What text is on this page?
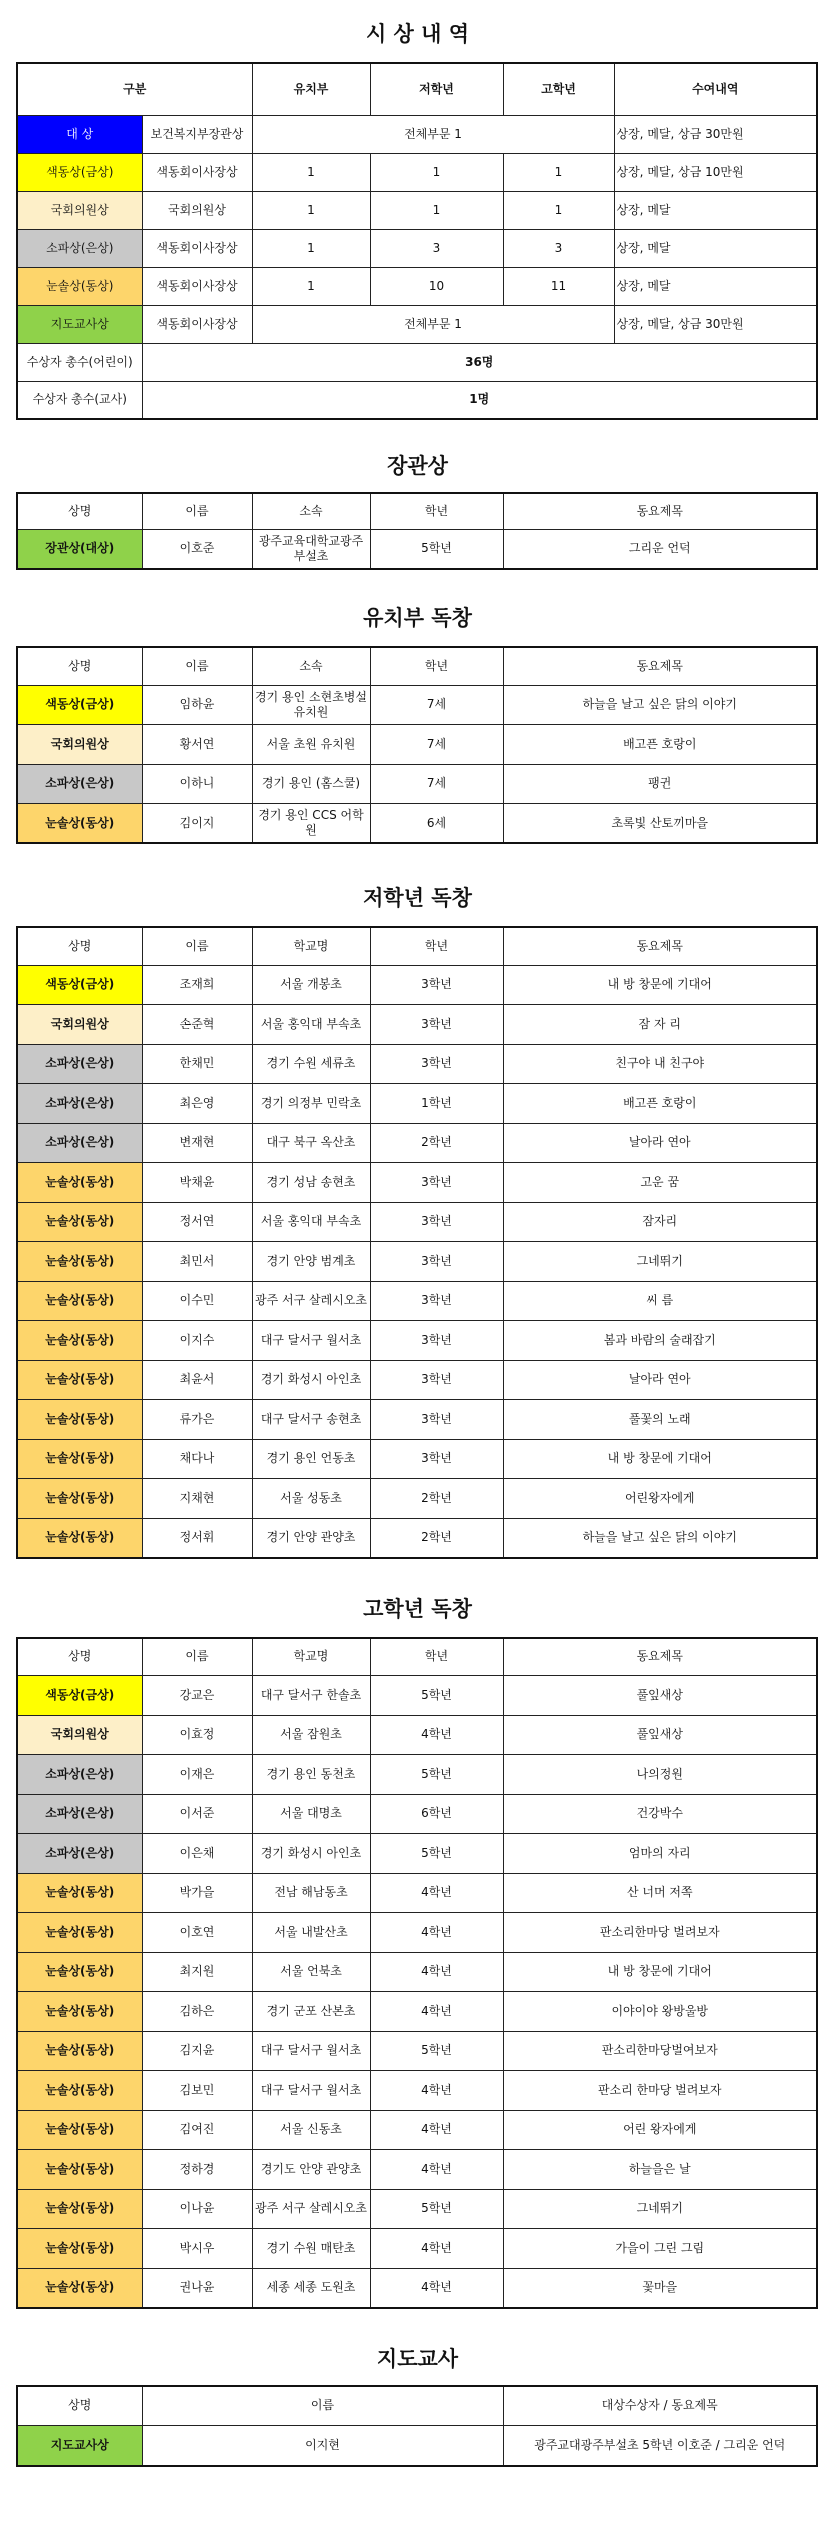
시 상 내 역
구분		유치부	저학년	고학년	수여내역
대 상	보건복지부장관상	전체부문 1			상장, 메달, 상금 30만원
색동상(금상)	색동회이사장상	1	1	1	상장, 메달, 상금 10만원
국회의원상	국회의원상	1	1	1	상장, 메달
소파상(은상)	색동회이사장상	1	3	3	상장, 메달
눈솔상(동상)	색동회이사장상	1	10	11	상장, 메달
지도교사상	색동회이사장상	전체부문 1			상장, 메달, 상금 30만원
수상자 총수(어린이)	36명				
수상자 총수(교사)	1명				
장관상
상명	이름	소속	학년	동요제목
장관상(대상)	이호준	광주교육대학교광주부설초	5학년	그리운 언덕
유치부 독창
상명	이름	소속	학년	동요제목
색동상(금상)	임하윤	경기 용인 소현초병설유치원	7세	하늘을 날고 싶은 닭의 이야기
국회의원상	황서연	서울 초원 유치원	7세	배고픈 호랑이
소파상(은상)	이하니	경기 용인 (홈스쿨)	7세	팽귄
눈솔상(동상)	김이지	경기 용인 CCS 어학원	6세	초록빛 산토끼마을
저학년 독창
상명	이름	학교명	학년	동요제목
색동상(금상)	조재희	서울 개봉초	3학년	내 방 창문에 기대어
국회의원상	손준혁	서울 홍익대 부속초	3학년	잠 자 리
소파상(은상)	한채민	경기 수원 세류초	3학년	친구야 내 친구야
소파상(은상)	최은영	경기 의정부 민락초	1학년	배고픈 호랑이
소파상(은상)	변재현	대구 북구 옥산초	2학년	날아라 연아
눈솔상(동상)	박채윤	경기 성남 송현초	3학년	고운 꿈
눈솔상(동상)	정서연	서울 홍익대 부속초	3학년	잠자리
눈솔상(동상)	최민서	경기 안양 범계초	3학년	그네뛰기
눈솔상(동상)	이수민	광주 서구 살레시오초	3학년	씨 름
눈솔상(동상)	이지수	대구 달서구 월서초	3학년	봄과 바람의 술래잡기
눈솔상(동상)	최윤서	경기 화성시 아인초	3학년	날아라 연아
눈솔상(동상)	류가은	대구 달서구 송현초	3학년	풀꽃의 노래
눈솔상(동상)	채다나	경기 용인 언동초	3학년	내 방 창문에 기대어
눈솔상(동상)	지채현	서울 성동초	2학년	어린왕자에게
눈솔상(동상)	정서휘	경기 안양 관양초	2학년	하늘을 날고 싶은 닭의 이야기
고학년 독창
상명	이름	학교명	학년	동요제목
색동상(금상)	강교은	대구 달서구 한솔초	5학년	풀잎새상
국회의원상	이효정	서울 잠원초	4학년	풀잎새상
소파상(은상)	이재은	경기 용인 동천초	5학년	나의정원
소파상(은상)	이서준	서울 대명초	6학년	건강박수
소파상(은상)	이은채	경기 화성시 아인초	5학년	엄마의 자리
눈솔상(동상)	박가을	전남 해남동초	4학년	산 너머 저쪽
눈솔상(동상)	이호연	서울 내발산초	4학년	판소리한마당 벌려보자
눈솔상(동상)	최지원	서울 언북초	4학년	내 방 창문에 기대어
눈솔상(동상)	김하은	경기 군포 산본초	4학년	이야이야 왕방울방
눈솔상(동상)	김지윤	대구 달서구 월서초	5학년	판소리한마당벌여보자
눈솔상(동상)	김보민	대구 달서구 월서초	4학년	판소리 한마당 벌려보자
눈솔상(동상)	김여진	서울 신동초	4학년	어린 왕자에게
눈솔상(동상)	정하경	경기도 안양 관양초	4학년	하늘을은 날
눈솔상(동상)	이나윤	광주 서구 살레시오초	5학년	그네뛰기
눈솔상(동상)	박시우	경기 수원 매탄초	4학년	가을이 그린 그림
눈솔상(동상)	권나윤	세종 세종 도원초	4학년	꽃마을
지도교사
상명	이름	대상수상자 / 동요제목
지도교사상	이지현	광주교대광주부설초 5학년 이호준 / 그리운 언덕
